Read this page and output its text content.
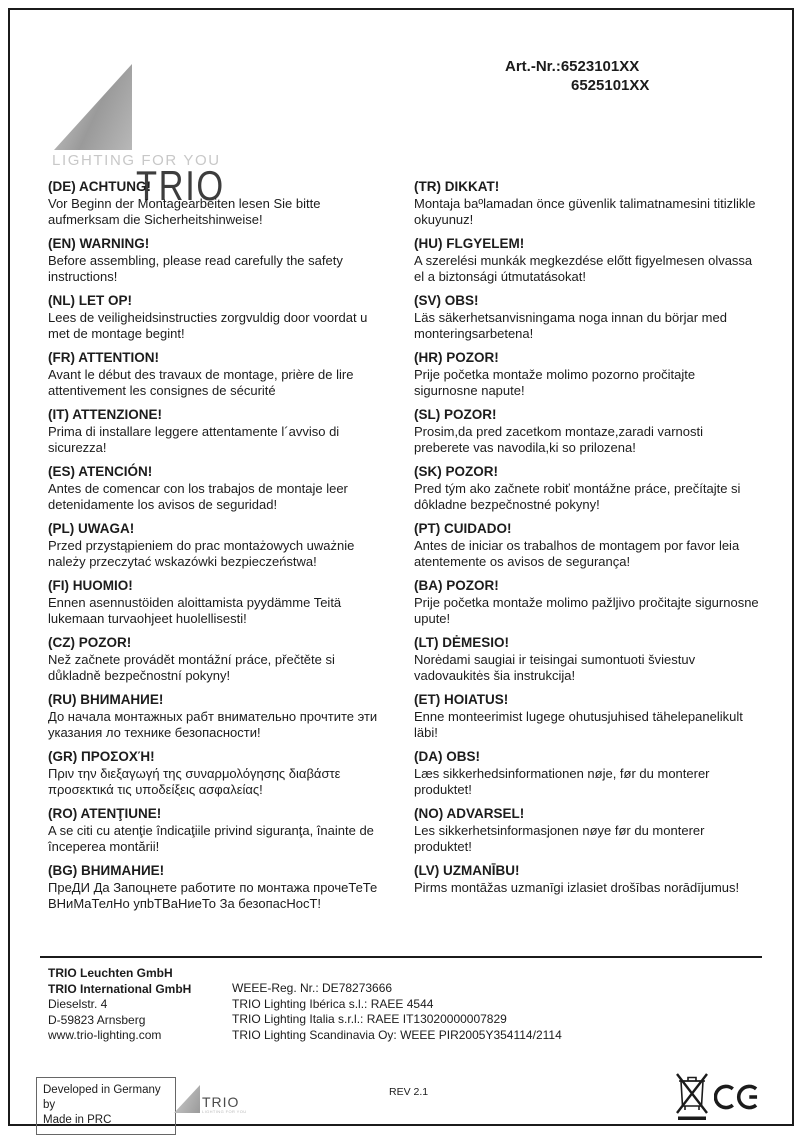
Art.-Nr.:6523101XX
6525101XX
TRIO
LIGHTING FOR YOU
(DE) ACHTUNG!
Vor Beginn der Montagearbeiten lesen Sie bitte aufmerksam die Sicherheitshinweise!
(EN) WARNING!
Before assembling, please read carefully the safety instructions!
(NL) LET OP!
Lees de veiligheidsinstructies zorgvuldig door voordat u met de montage begint!
(FR) ATTENTION!
Avant le début des travaux de montage, prière de lire attentivement les consignes de sécurité
(IT) ATTENZIONE!
Prima di installare leggere attentamente l´avviso di sicurezza!
(ES) ATENCIÓN!
Antes de comencar con los trabajos de montaje leer detenidamente los avisos de seguridad!
(PL) UWAGA!
Przed przystąpieniem do prac montażowych uważnie należy przeczytać wskazówki bezpieczeństwa!
(FI) HUOMIO!
Ennen asennustöiden aloittamista pyydämme Teitä lukemaan turvaohjeet huolellisesti!
(CZ) POZOR!
Než začnete provádět montážní práce, přečtěte si důkladně bezpečnostní pokyny!
(RU) ВНИМАНИЕ!
До начала монтажных рабт внимательно прочтите эти указания ло технике безопасности!
(GR) ΠΡΟΣΟΧΉ!
Πριν την διεξαγωγή της συναρμολόγησης διαβάστε προσεκτικά τις υποδείξεις ασφαλείας!
(RO) ATENŢIUNE!
A se citi cu atenţie îndicaţiile privind siguranţa, înainte de începerea montării!
(BG) ВНИМАНИЕ!
ПреДИ Да Запоцнете работите по монтажа прочеТеТе ВНиМаТелНо упbТВаНиеТо За безопасНосТ!
(TR) DIKKAT!
Montaja baºlamadan önce güvenlik talimatnamesini titizlikle okuyunuz!
(HU) FLGYELEM!
A szerelési munkák megkezdése előtt figyelmesen olvassa el a biztonsági útmutatásokat!
(SV) OBS!
Läs säkerhetsanvisningama noga innan du börjar med monteringsarbetena!
(HR) POZOR!
Prije početka montaže molimo pozorno pročitajte sigurnosne napute!
(SL) POZOR!
Prosim,da pred zacetkom montaze,zaradi varnosti preberete vas navodila,ki so prilozena!
(SK) POZOR!
Pred tým ako začnete robiť montážne práce, prečítajte si dôkladne bezpečnostné pokyny!
(PT) CUIDADO!
Antes de iniciar os trabalhos de montagem por favor leia atentemente os avisos de segurança!
(BA) POZOR!
Prije početka montaže molimo pažljivo pročitajte sigurnosne upute!
(LT) DĖMESIO!
Norėdami saugiai ir teisingai sumontuoti šviestuv vadovaukitės šia instrukcija!
(ET) HOIATUS!
Enne monteerimist lugege ohutusjuhised tähelepanelikult läbi!
(DA) OBS!
Læs sikkerhedsinformationen nøje, før du monterer produktet!
(NO) ADVARSEL!
Les sikkerhetsinformasjonen nøye før du monterer produktet!
(LV) UZMANĪBU!
Pirms montāžas uzmanīgi izlasiet drošības norādījumus!
TRIO Leuchten GmbH
TRIO International GmbH
Dieselstr. 4
D-59823 Arnsberg
www.trio-lighting.com
WEEE-Reg. Nr.: DE78273666
TRIO Lighting Ibérica s.l.: RAEE 4544
TRIO Lighting Italia s.r.l.: RAEE IT13020000007829
TRIO Lighting Scandinavia Oy: WEEE PIR2005Y354114/2114
Developed in Germany by
Made in PRC
TRIO
LIGHTING FOR YOU
REV 2.1
